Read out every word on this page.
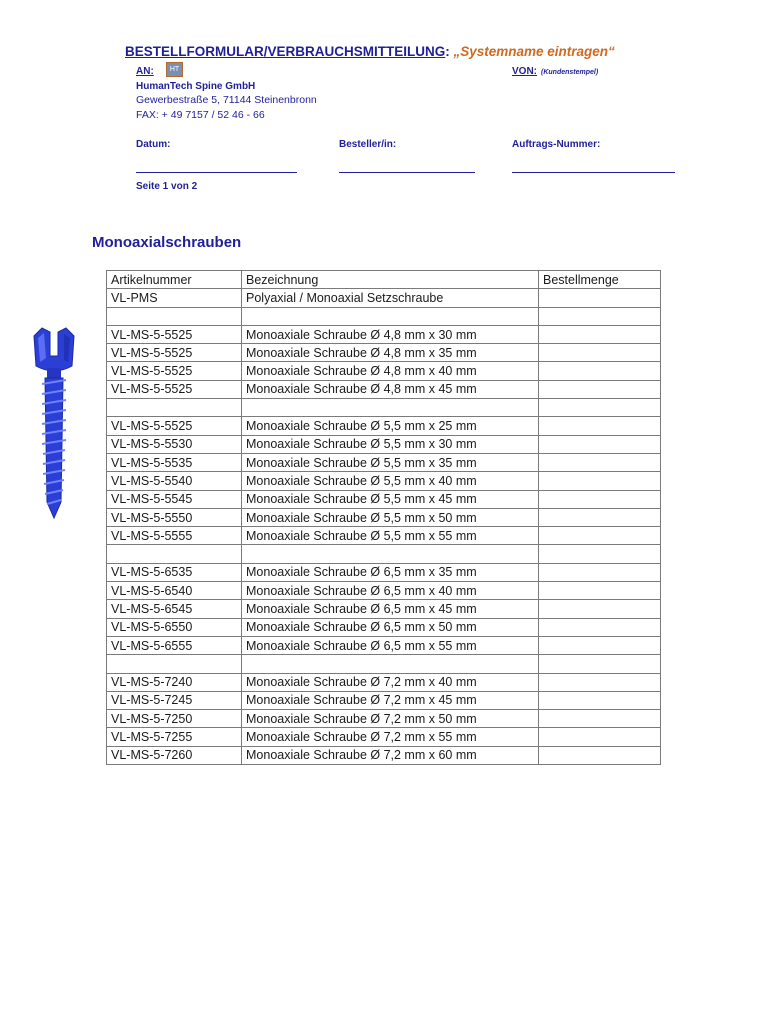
BESTELLFORMULAR/VERBRAUCHSMITTEILUNG: „Systemname eintragen“
AN:	HT	VON: (Kundenstempel)
HumanTech Spine GmbH
Gewerbestraße 5, 71144 Steinenbronn
FAX: + 49 7157 / 52 46 - 66
Datum:	Besteller/in:	Auftrags-Nummer:
Seite 1 von 2
Monoaxialschrauben
Artikelnummer	Bezeichnung	Bestellmenge
VL-PMS	Polyaxial / Monoaxial Setzschraube	

VL-MS-5-5525	Monoaxiale Schraube Ø 4,8 mm x 30 mm	
VL-MS-5-5525	Monoaxiale Schraube Ø 4,8 mm x 35 mm	
VL-MS-5-5525	Monoaxiale Schraube Ø 4,8 mm x 40 mm	
VL-MS-5-5525	Monoaxiale Schraube Ø 4,8 mm x 45 mm	

VL-MS-5-5525	Monoaxiale Schraube Ø 5,5 mm x 25 mm	
VL-MS-5-5530	Monoaxiale Schraube Ø 5,5 mm x 30 mm	
VL-MS-5-5535	Monoaxiale Schraube Ø 5,5 mm x 35 mm	
VL-MS-5-5540	Monoaxiale Schraube Ø 5,5 mm x 40 mm	
VL-MS-5-5545	Monoaxiale Schraube Ø 5,5 mm x 45 mm	
VL-MS-5-5550	Monoaxiale Schraube Ø 5,5 mm x 50 mm	
VL-MS-5-5555	Monoaxiale Schraube Ø 5,5 mm x 55 mm	

VL-MS-5-6535	Monoaxiale Schraube Ø 6,5 mm x 35 mm	
VL-MS-5-6540	Monoaxiale Schraube Ø 6,5 mm x 40 mm	
VL-MS-5-6545	Monoaxiale Schraube Ø 6,5 mm x 45 mm	
VL-MS-5-6550	Monoaxiale Schraube Ø 6,5 mm x 50 mm	
VL-MS-5-6555	Monoaxiale Schraube Ø 6,5 mm x 55 mm	

VL-MS-5-7240	Monoaxiale Schraube Ø 7,2 mm x 40 mm	
VL-MS-5-7245	Monoaxiale Schraube Ø 7,2 mm x 45 mm	
VL-MS-5-7250	Monoaxiale Schraube Ø 7,2 mm x 50 mm	
VL-MS-5-7255	Monoaxiale Schraube Ø 7,2 mm x 55 mm	
VL-MS-5-7260	Monoaxiale Schraube Ø 7,2 mm x 60 mm	
